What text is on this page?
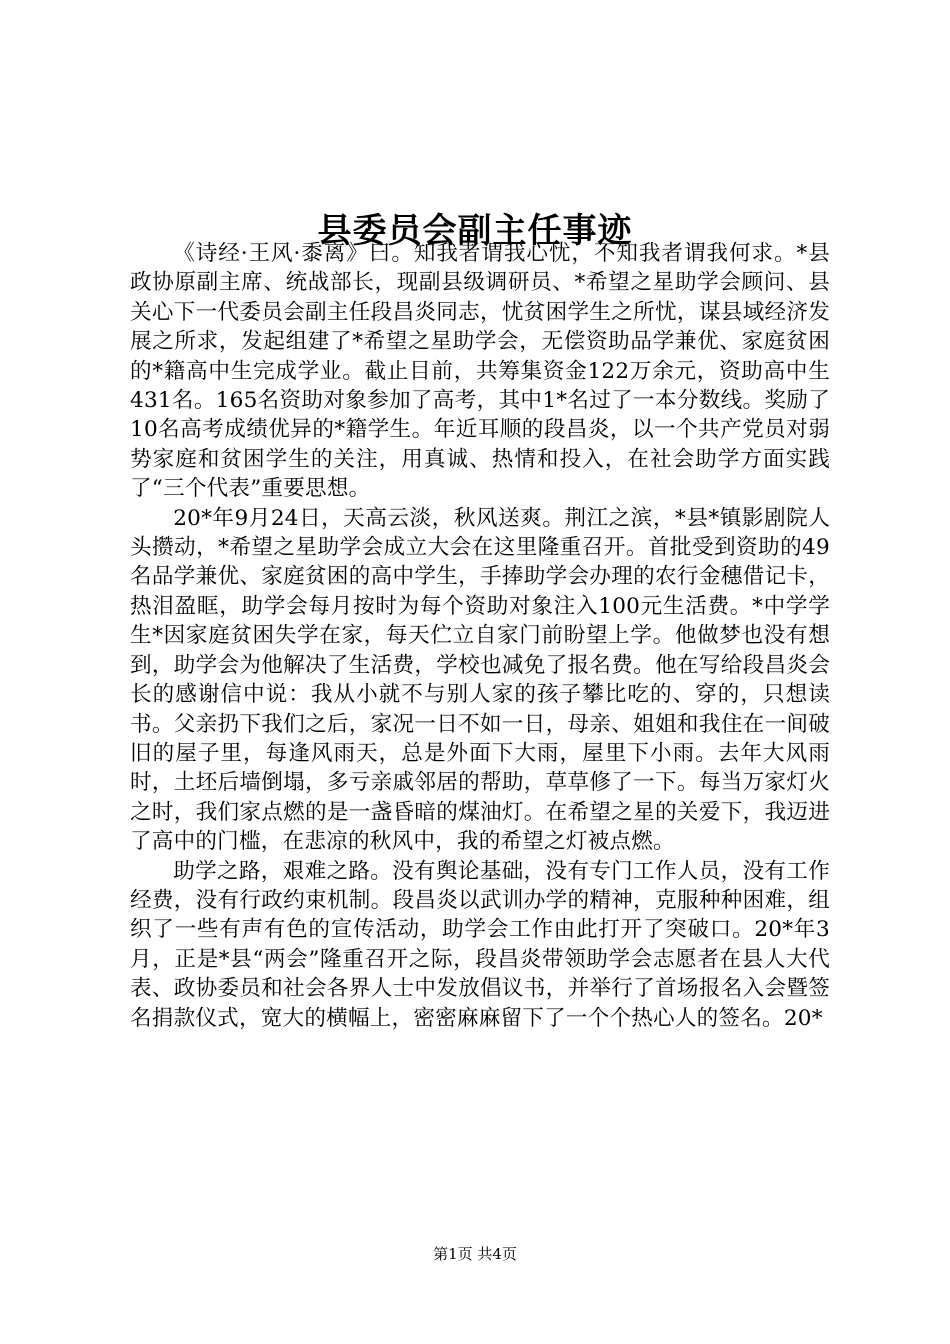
县委员会副主任事迹

《诗经·王风·黍离》曰。知我者谓我心忧，不知我者谓我何求。*县政协原副主席、统战部长，现副县级调研员、*希望之星助学会顾问、县关心下一代委员会副主任段昌炎同志，忧贫困学生之所忧，谋县域经济发展之所求，发起组建了*希望之星助学会，无偿资助品学兼优、家庭贫困的*籍高中生完成学业。截止目前，共筹集资金122万余元，资助高中生431名。165名资助对象参加了高考，其中1*名过了一本分数线。奖励了10名高考成绩优异的*籍学生。年近耳顺的段昌炎，以一个共产党员对弱势家庭和贫困学生的关注，用真诚、热情和投入，在社会助学方面实践了“三个代表”重要思想。

20*年9月24日，天高云淡，秋风送爽。荆江之滨，*县*镇影剧院人头攒动，*希望之星助学会成立大会在这里隆重召开。首批受到资助的49名品学兼优、家庭贫困的高中学生，手捧助学会办理的农行金穗借记卡，热泪盈眶，助学会每月按时为每个资助对象注入100元生活费。*中学学生*因家庭贫困失学在家，每天伫立自家门前盼望上学。他做梦也没有想到，助学会为他解决了生活费，学校也减免了报名费。他在写给段昌炎会长的感谢信中说：我从小就不与别人家的孩子攀比吃的、穿的，只想读书。父亲扔下我们之后，家况一日不如一日，母亲、姐姐和我住在一间破旧的屋子里，每逢风雨天，总是外面下大雨，屋里下小雨。去年大风雨时，土坯后墙倒塌，多亏亲戚邻居的帮助，草草修了一下。每当万家灯火之时，我们家点燃的是一盏昏暗的煤油灯。在希望之星的关爱下，我迈进了高中的门槛，在悲凉的秋风中，我的希望之灯被点燃。

助学之路，艰难之路。没有舆论基础，没有专门工作人员，没有工作经费，没有行政约束机制。段昌炎以武训办学的精神，克服种种困难，组织了一些有声有色的宣传活动，助学会工作由此打开了突破口。20*年3月，正是*县“两会”隆重召开之际，段昌炎带领助学会志愿者在县人大代表、政协委员和社会各界人士中发放倡议书，并举行了首场报名入会暨签名捐款仪式，宽大的横幅上，密密麻麻留下了一个个热心人的签名。20*

第1页 共4页
